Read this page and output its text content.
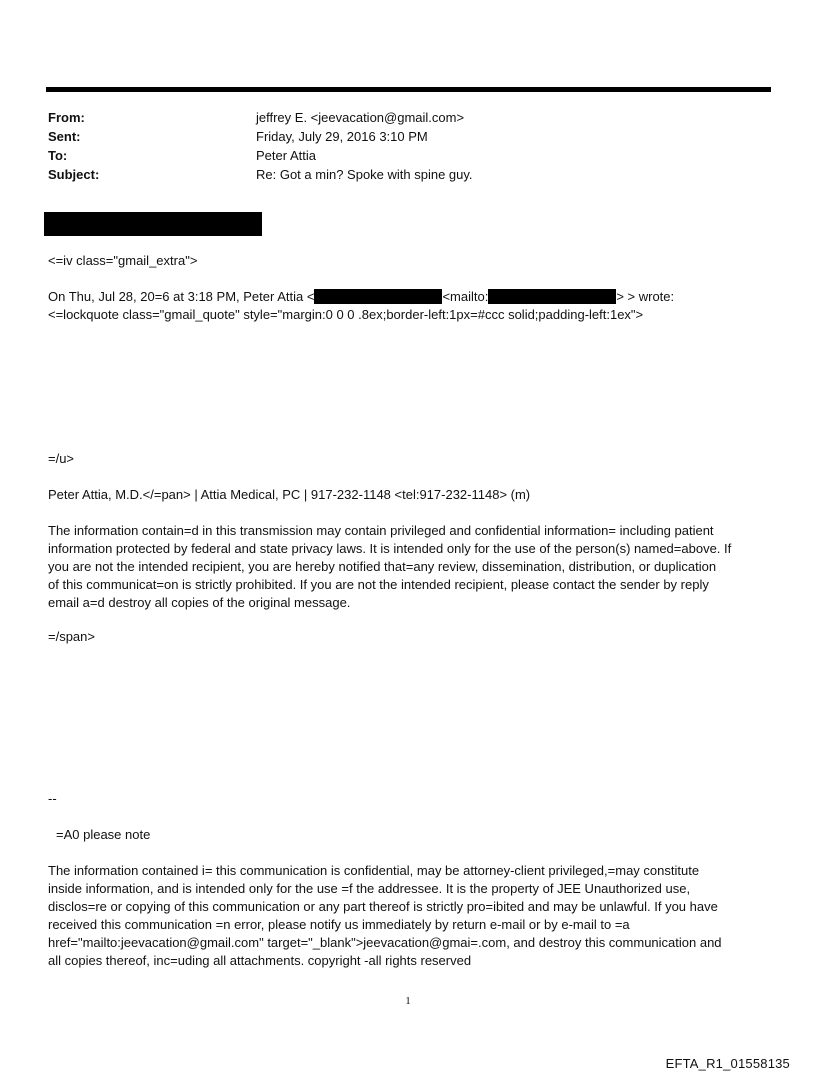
From:	jeffrey E. <jeevacation@gmail.com>
Sent:	Friday, July 29, 2016 3:10 PM
To:	Peter Attia
Subject:	Re: Got a min? Spoke with spine guy.
<=iv class="gmail_extra">
On Thu, Jul 28, 20=6 at 3:18 PM, Peter Attia <	<mailto:	> > wrote:
<=lockquote class="gmail_quote" style="margin:0 0 0 .8ex;border-left:1px=#ccc solid;padding-left:1ex">
=/u>
Peter Attia, M.D.</=pan> | Attia Medical, PC | 917-232-1148 <tel:917-232-1148> (m)
The information contain=d in this transmission may contain privileged and confidential information= including patient
information protected by federal and state privacy laws. It is intended only for the use of the person(s) named=above. If
you are not the intended recipient, you are hereby notified that=any review, dissemination, distribution, or duplication
of this communicat=on is strictly prohibited. If you are not the intended recipient, please contact the sender by reply
email a=d destroy all copies of the original message.
=/span>
--
=A0 please note
The information contained i= this communication is confidential, may be attorney-client privileged,=may constitute
inside information, and is intended only for the use =f the addressee. It is the property of JEE Unauthorized use,
disclos=re or copying of this communication or any part thereof is strictly pro=ibited and may be unlawful. If you have
received this communication =n error, please notify us immediately by return e-mail or by e-mail to =a
href="mailto:jeevacation@gmail.com" target="_blank">jeevacation@gmai=.com, and destroy this communication and
all copies thereof, inc=uding all attachments. copyright -all rights reserved
1
EFTA_R1_01558135
